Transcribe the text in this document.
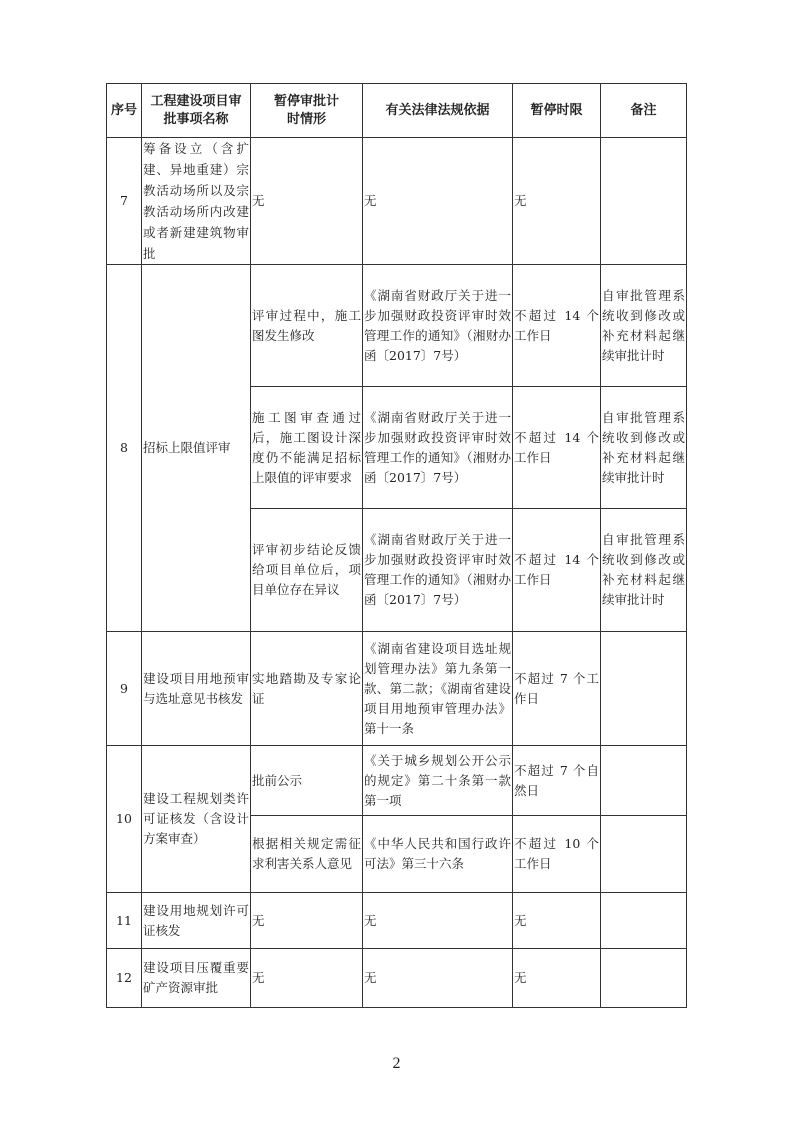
序号	工程建设项目审批事项名称	暂停审批计时情形	有关法律法规依据	暂停时限	备注
7	筹备设立（含扩建、异地重建）宗教活动场所以及宗教活动场所内改建或者新建建筑物审批	无	无	无	
8	招标上限值评审	评审过程中，施工图发生修改	《湖南省财政厅关于进一步加强财政投资评审时效管理工作的通知》（湘财办函〔2017〕7号）	不超过 14 个工作日	自审批管理系统收到修改或补充材料起继续审批计时
		施工图审查通过后，施工图设计深度仍不能满足招标上限值的评审要求	《湖南省财政厅关于进一步加强财政投资评审时效管理工作的通知》（湘财办函〔2017〕7号）	不超过 14 个工作日	自审批管理系统收到修改或补充材料起继续审批计时
		评审初步结论反馈给项目单位后，项目单位存在异议	《湖南省财政厅关于进一步加强财政投资评审时效管理工作的通知》（湘财办函〔2017〕7号）	不超过 14 个工作日	自审批管理系统收到修改或补充材料起继续审批计时
9	建设项目用地预审与选址意见书核发	实地踏勘及专家论证	《湖南省建设项目选址规划管理办法》第九条第一款、第二款；《湖南省建设项目用地预审管理办法》第十一条	不超过 7 个工作日	
10	建设工程规划类许可证核发（含设计方案审查）	批前公示	《关于城乡规划公开公示的规定》第二十条第一款第一项	不超过 7 个自然日	
		根据相关规定需征求利害关系人意见	《中华人民共和国行政许可法》第三十六条	不超过 10 个工作日	
11	建设用地规划许可证核发	无	无	无	
12	建设项目压覆重要矿产资源审批	无	无	无	
2
